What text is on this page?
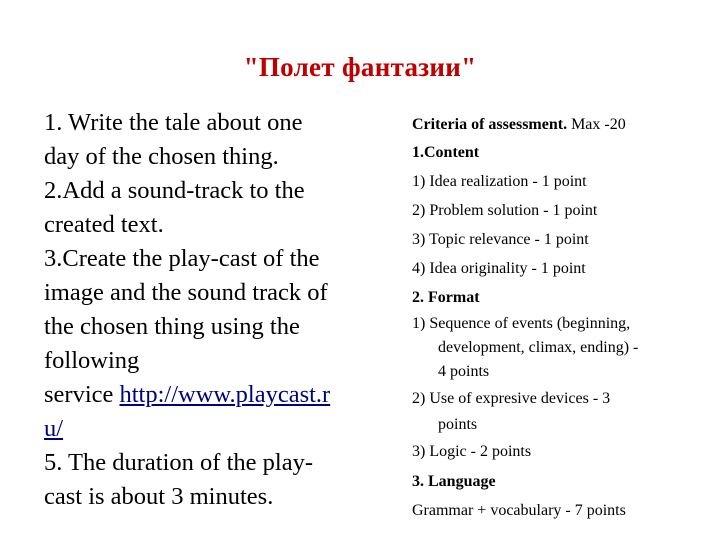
"Полет фантазии"
1. Write the tale about one
day of the chosen thing.
2.Add a sound-track to the
created text.
3.Create the play-cast of the
image and the sound track of
the chosen thing using the
following
service http://www.playcast.r
u/
5. The duration of the play-
cast is about 3 minutes.
Criteria of assessment. Max -20
1.Content
1) Idea realization - 1 point
2) Problem solution - 1 point
3) Topic relevance - 1 point
4) Idea originality - 1 point
2. Format
1) Sequence of events (beginning,
development, climax, ending) -
4 points
2) Use of expresive devices - 3
points
3) Logic - 2 points
3. Language
Grammar + vocabulary - 7 points
